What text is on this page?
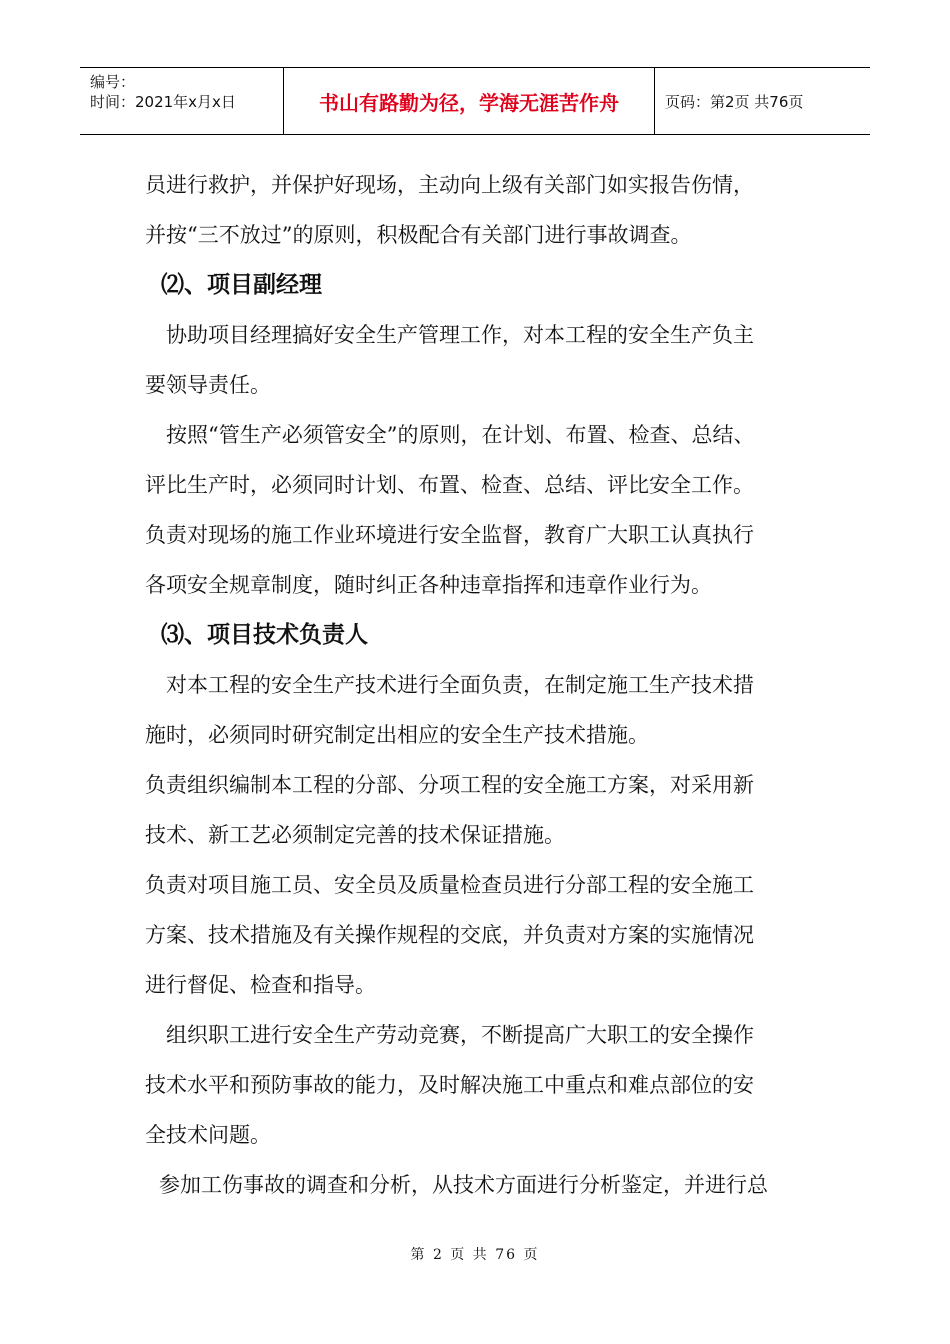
编号：
时间：2021年x月x日	书山有路勤为径，学海无涯苦作舟	页码：第2页 共76页

员进行救护，并保护好现场，主动向上级有关部门如实报告伤情，

并按“三不放过”的原则，积极配合有关部门进行事故调查。

⑵、项目副经理

协助项目经理搞好安全生产管理工作，对本工程的安全生产负主

要领导责任。

按照“管生产必须管安全”的原则，在计划、布置、检查、总结、

评比生产时，必须同时计划、布置、检查、总结、评比安全工作。

负责对现场的施工作业环境进行安全监督，教育广大职工认真执行

各项安全规章制度，随时纠正各种违章指挥和违章作业行为。

⑶、项目技术负责人

对本工程的安全生产技术进行全面负责，在制定施工生产技术措

施时，必须同时研究制定出相应的安全生产技术措施。

负责组织编制本工程的分部、分项工程的安全施工方案，对采用新

技术、新工艺必须制定完善的技术保证措施。

负责对项目施工员、安全员及质量检查员进行分部工程的安全施工

方案、技术措施及有关操作规程的交底，并负责对方案的实施情况

进行督促、检查和指导。

组织职工进行安全生产劳动竞赛，不断提高广大职工的安全操作

技术水平和预防事故的能力，及时解决施工中重点和难点部位的安

全技术问题。

参加工伤事故的调查和分析，从技术方面进行分析鉴定，并进行总

第 2 页 共 76 页
